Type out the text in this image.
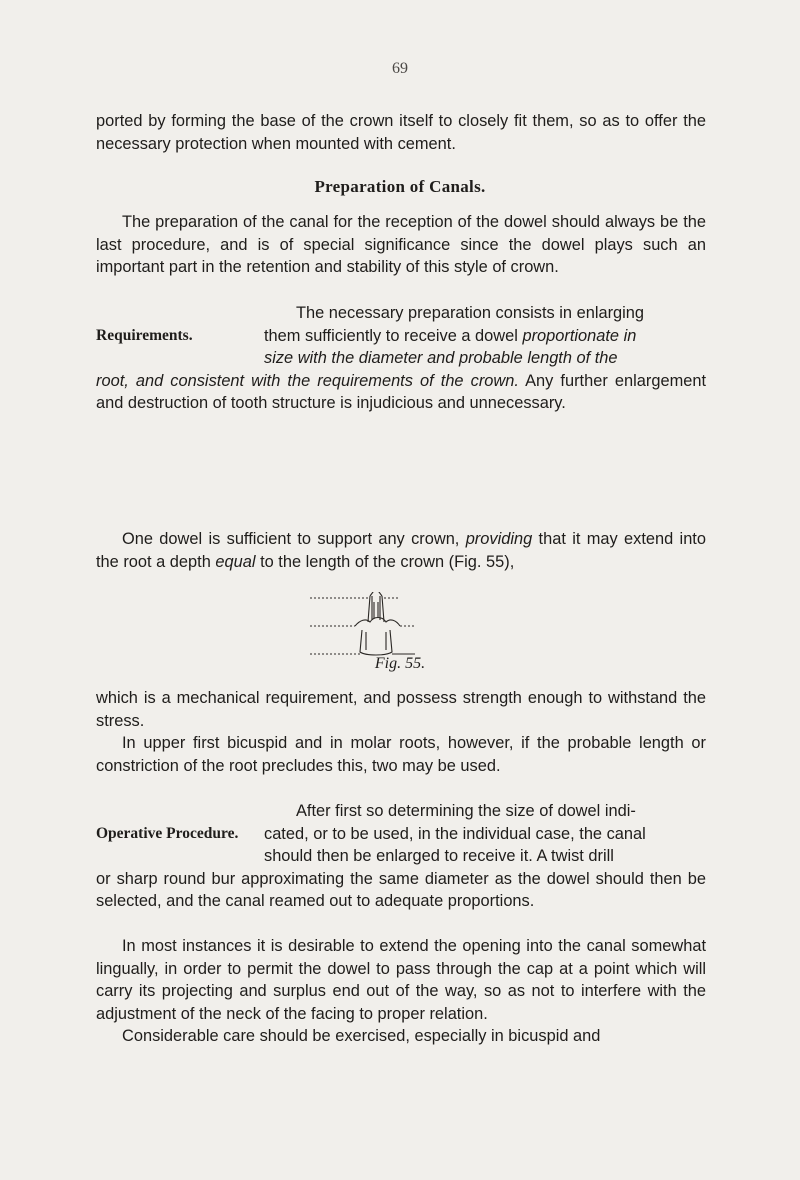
69

ported by forming the base of the crown itself to closely fit them, so as to offer the necessary protection when mounted with cement.

Preparation of Canals.

The preparation of the canal for the reception of the dowel should always be the last procedure, and is of special significance since the dowel plays such an important part in the retention and stability of this style of crown.

Requirements.

The necessary preparation consists in enlarging

them sufficiently to receive a dowel proportionate in

size with the diameter and probable length of the

root, and consistent with the requirements of the crown. Any further enlargement and destruction of tooth structure is injudicious and unnecessary.

One dowel is sufficient to support any crown, providing that it may extend into the root a depth equal to the length of the crown (Fig. 55),

Fig. 55.

which is a mechanical requirement, and possess strength enough to withstand the stress.

In upper first bicuspid and in molar roots, however, if the probable length or constriction of the root precludes this, two may be used.

Operative Procedure.

After first so determining the size of dowel indi-

cated, or to be used, in the individual case, the canal

should then be enlarged to receive it. A twist drill

or sharp round bur approximating the same diameter as the dowel should then be selected, and the canal reamed out to adequate proportions.

In most instances it is desirable to extend the opening into the canal somewhat lingually, in order to permit the dowel to pass through the cap at a point which will carry its projecting and surplus end out of the way, so as not to interfere with the adjustment of the neck of the facing to proper relation.

Considerable care should be exercised, especially in bicuspid and
